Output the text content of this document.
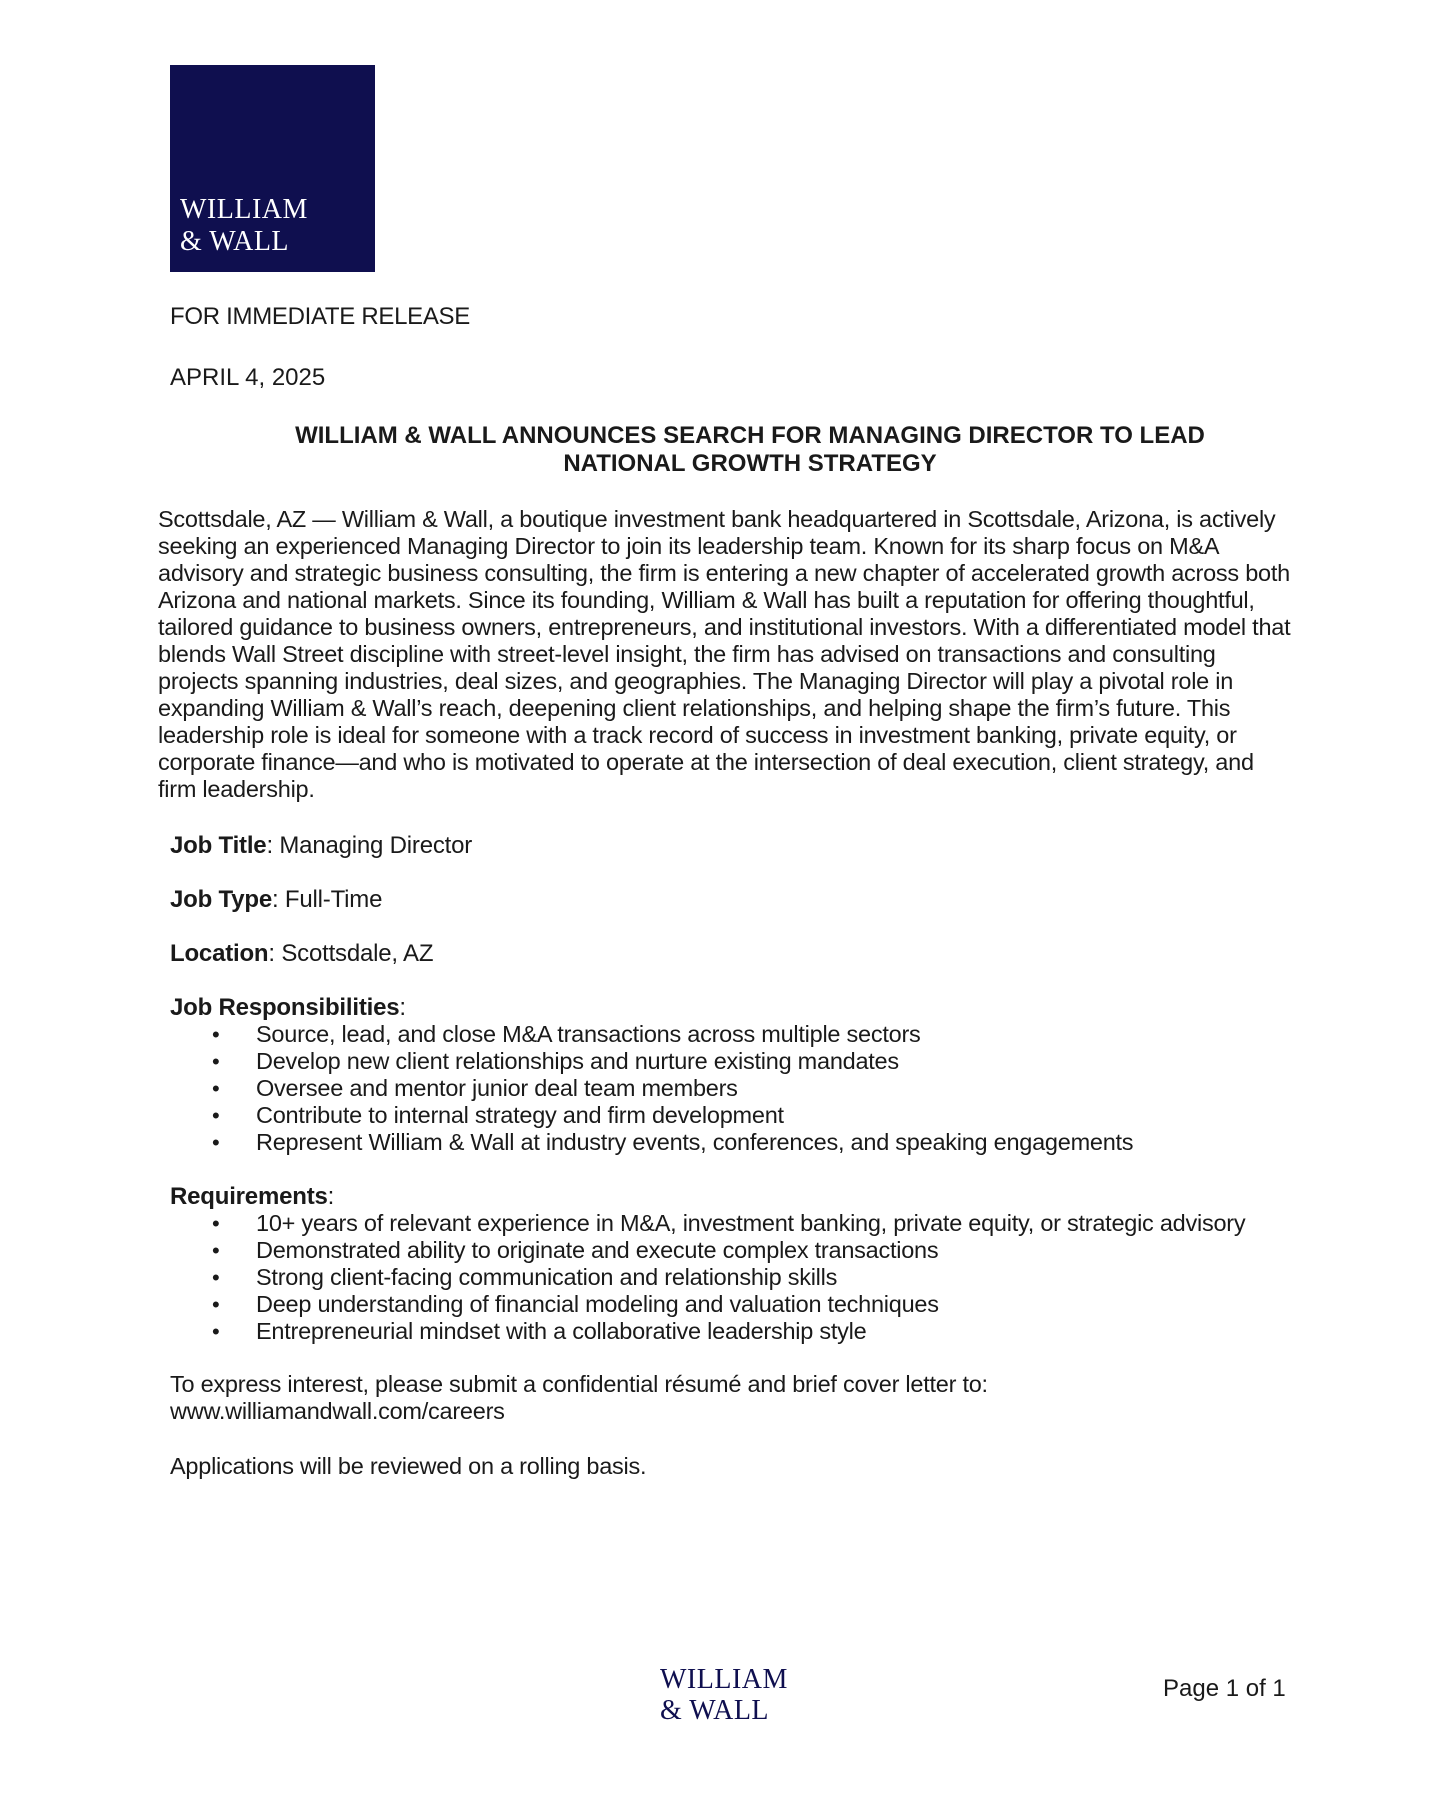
WILLIAM
& WALL
FOR IMMEDIATE RELEASE
APRIL 4, 2025
WILLIAM & WALL ANNOUNCES SEARCH FOR MANAGING DIRECTOR TO LEAD
NATIONAL GROWTH STRATEGY
Scottsdale, AZ — William & Wall, a boutique investment bank headquartered in Scottsdale, Arizona, is actively seeking an experienced Managing Director to join its leadership team. Known for its sharp focus on M&A advisory and strategic business consulting, the firm is entering a new chapter of accelerated growth across both Arizona and national markets. Since its founding, William & Wall has built a reputation for offering thoughtful, tailored guidance to business owners, entrepreneurs, and institutional investors. With a differentiated model that blends Wall Street discipline with street-level insight, the firm has advised on transactions and consulting projects spanning industries, deal sizes, and geographies. The Managing Director will play a pivotal role in expanding William & Wall’s reach, deepening client relationships, and helping shape the firm’s future. This leadership role is ideal for someone with a track record of success in investment banking, private equity, or corporate finance—and who is motivated to operate at the intersection of deal execution, client strategy, and firm leadership.
Job Title: Managing Director
Job Type: Full-Time
Location: Scottsdale, AZ
Job Responsibilities:
• Source, lead, and close M&A transactions across multiple sectors
• Develop new client relationships and nurture existing mandates
• Oversee and mentor junior deal team members
• Contribute to internal strategy and firm development
• Represent William & Wall at industry events, conferences, and speaking engagements
Requirements:
• 10+ years of relevant experience in M&A, investment banking, private equity, or strategic advisory
• Demonstrated ability to originate and execute complex transactions
• Strong client-facing communication and relationship skills
• Deep understanding of financial modeling and valuation techniques
• Entrepreneurial mindset with a collaborative leadership style
To express interest, please submit a confidential résumé and brief cover letter to:
www.williamandwall.com/careers
Applications will be reviewed on a rolling basis.
WILLIAM
& WALL
Page 1 of 1
